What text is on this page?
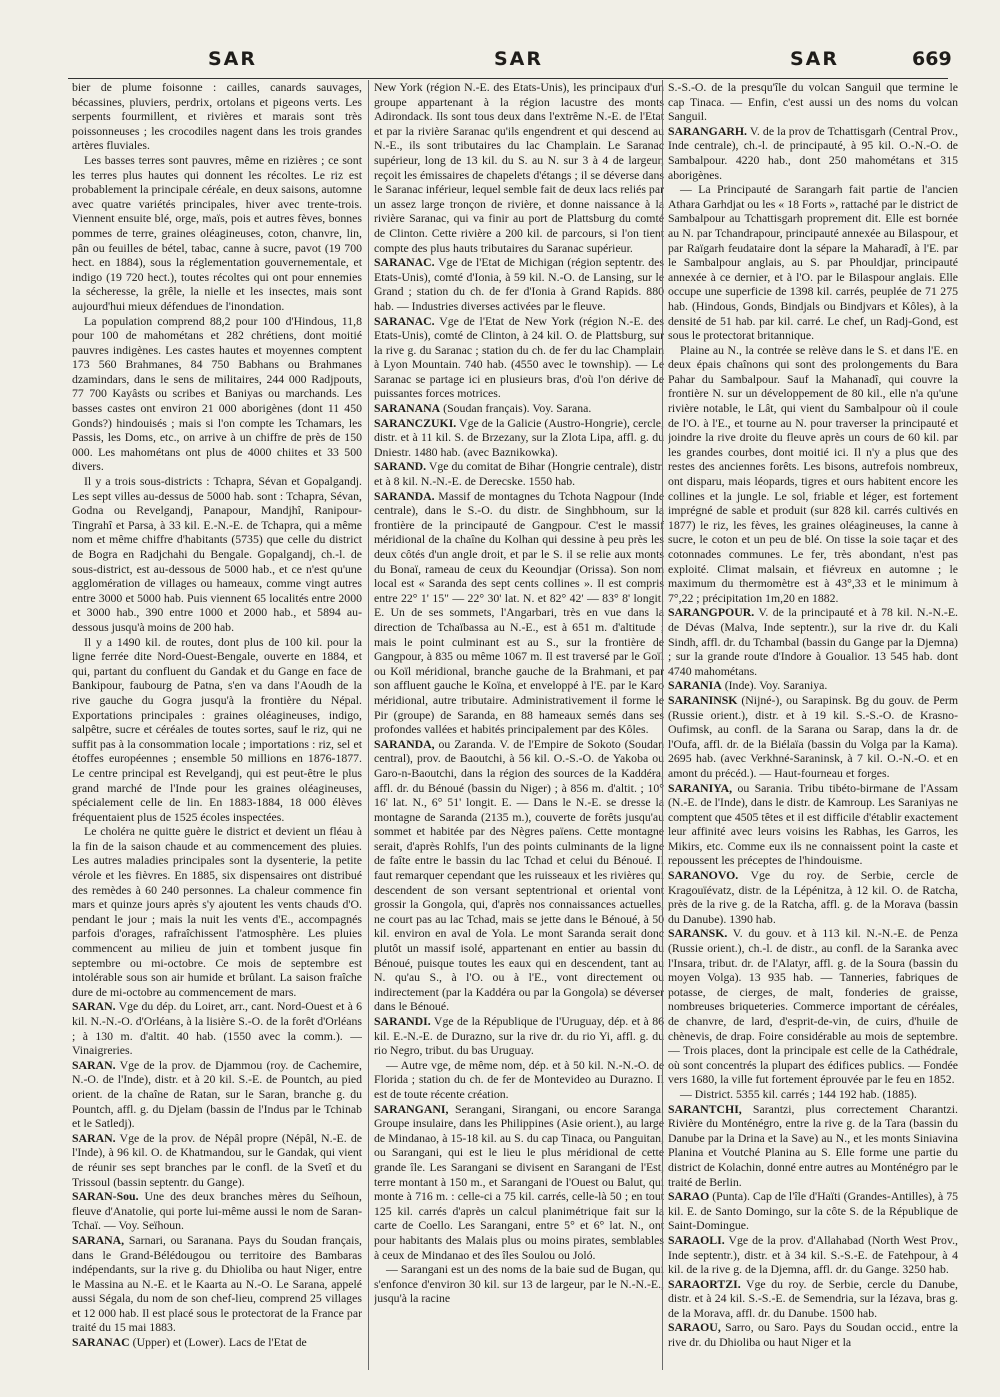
SAR	SAR	SAR	669

bier de plume foisonne : cailles, canards sauvages, bécassines, pluviers, perdrix, ortolans et pigeons verts. Les serpents fourmillent, et rivières et marais sont très poissonneuses ; les crocodiles nagent dans les trois grandes artères fluviales.

Les basses terres sont pauvres, même en rizières ; ce sont les terres plus hautes qui donnent les récoltes. Le riz est probablement la principale céréale, en deux saisons, automne avec quatre variétés principales, hiver avec trente-trois. Viennent ensuite blé, orge, maïs, pois et autres fèves, bonnes pommes de terre, graines oléagineuses, coton, chanvre, lin, pân ou feuilles de bétel, tabac, canne à sucre, pavot (19 700 hect. en 1884), sous la réglementation gouvernementale, et indigo (19 720 hect.), toutes récoltes qui ont pour ennemies la sécheresse, la grêle, la nielle et les insectes, mais sont aujourd'hui mieux défendues de l'inondation.

La population comprend 88,2 pour 100 d'Hindous, 11,8 pour 100 de mahométans et 282 chrétiens, dont moitié pauvres indigènes. Les castes hautes et moyennes comptent 173 560 Brahmanes, 84 750 Babhans ou Brahmanes dzamindars, dans le sens de militaires, 244 000 Radjpouts, 77 700 Kayâsts ou scribes et Baniyas ou marchands. Les basses castes ont environ 21 000 aborigènes (dont 11 450 Gonds?) hindouisés ; mais si l'on compte les Tchamars, les Passis, les Doms, etc., on arrive à un chiffre de près de 150 000. Les mahométans ont plus de 4000 chiites et 33 500 divers.

Il y a trois sous-districts : Tchapra, Sévan et Gopalgandj. Les sept villes au-dessus de 5000 hab. sont : Tchapra, Sévan, Godna ou Revelgandj, Panapour, Mandjhî, Ranipour-Tingrahî et Parsa, à 33 kil. E.-N.-E. de Tchapra, qui a même nom et même chiffre d'habitants (5735) que celle du district de Bogra en Radjchahi du Bengale. Gopalgandj, ch.-l. de sous-district, est au-dessous de 5000 hab., et ce n'est qu'une agglomération de villages ou hameaux, comme vingt autres entre 3000 et 5000 hab. Puis viennent 65 localités entre 2000 et 3000 hab., 390 entre 1000 et 2000 hab., et 5894 au-dessous jusqu'à moins de 200 hab.

Il y a 1490 kil. de routes, dont plus de 100 kil. pour la ligne ferrée dite Nord-Ouest-Bengale, ouverte en 1884, et qui, partant du confluent du Gandak et du Gange en face de Bankipour, faubourg de Patna, s'en va dans l'Aoudh de la rive gauche du Gogra jusqu'à la frontière du Népal. Exportations principales : graines oléagineuses, indigo, salpêtre, sucre et céréales de toutes sortes, sauf le riz, qui ne suffit pas à la consommation locale ; importations : riz, sel et étoffes européennes ; ensemble 50 millions en 1876-1877. Le centre principal est Revelgandj, qui est peut-être le plus grand marché de l'Inde pour les graines oléagineuses, spécialement celle de lin. En 1883-1884, 18 000 élèves fréquentaient plus de 1525 écoles inspectées.

Le choléra ne quitte guère le district et devient un fléau à la fin de la saison chaude et au commencement des pluies. Les autres maladies principales sont la dysenterie, la petite vérole et les fièvres. En 1885, six dispensaires ont distribué des remèdes à 60 240 personnes. La chaleur commence fin mars et quinze jours après s'y ajoutent les vents chauds d'O. pendant le jour ; mais la nuit les vents d'E., accompagnés parfois d'orages, rafraîchissent l'atmosphère. Les pluies commencent au milieu de juin et tombent jusque fin septembre ou mi-octobre. Ce mois de septembre est intolérable sous son air humide et brûlant. La saison fraîche dure de mi-octobre au commencement de mars.

SARAN. Vge du dép. du Loiret, arr., cant. Nord-Ouest et à 6 kil. N.-N.-O. d'Orléans, à la lisière S.-O. de la forêt d'Orléans ; à 130 m. d'altit. 40 hab. (1550 avec la comm.). — Vinaigreries.

SARAN. Vge de la prov. de Djammou (roy. de Cachemire, N.-O. de l'Inde), distr. et à 20 kil. S.-E. de Pountch, au pied orient. de la chaîne de Ratan, sur le Saran, branche g. du Pountch, affl. g. du Djelam (bassin de l'Indus par le Tchinab et le Satledj).

SARAN. Vge de la prov. de Népâl propre (Népâl, N.-E. de l'Inde), à 96 kil. O. de Khatmandou, sur le Gandak, qui vient de réunir ses sept branches par le confl. de la Svetî et du Trissoul (bassin septentr. du Gange).

SARAN-Sou. Une des deux branches mères du Seïhoun, fleuve d'Anatolie, qui porte lui-même aussi le nom de Saran-Tchaï. — Voy. Seïhoun.

SARANA, Sarnari, ou Saranana. Pays du Soudan français, dans le Grand-Bélédougou ou territoire des Bambaras indépendants, sur la rive g. du Dhioliba ou haut Niger, entre le Massina au N.-E. et le Kaarta au N.-O. Le Sarana, appelé aussi Ségala, du nom de son chef-lieu, comprend 25 villages et 12 000 hab. Il est placé sous le protectorat de la France par traité du 15 mai 1883.

SARANAC (Upper) et (Lower). Lacs de l'Etat de

New York (région N.-E. des Etats-Unis), les principaux d'un groupe appartenant à la région lacustre des monts Adirondack. Ils sont tous deux dans l'extrême N.-E. de l'Etat et par la rivière Saranac qu'ils engendrent et qui descend au N.-E., ils sont tributaires du lac Champlain. Le Saranac supérieur, long de 13 kil. du S. au N. sur 3 à 4 de largeur, reçoit les émissaires de chapelets d'étangs ; il se déverse dans le Saranac inférieur, lequel semble fait de deux lacs reliés par un assez large tronçon de rivière, et donne naissance à la rivière Saranac, qui va finir au port de Plattsburg du comté de Clinton. Cette rivière a 200 kil. de parcours, si l'on tient compte des plus hauts tributaires du Saranac supérieur.

SARANAC. Vge de l'Etat de Michigan (région septentr. des Etats-Unis), comté d'Ionia, à 59 kil. N.-O. de Lansing, sur le Grand ; station du ch. de fer d'Ionia à Grand Rapids. 880 hab. — Industries diverses activées par le fleuve.

SARANAC. Vge de l'Etat de New York (région N.-E. des Etats-Unis), comté de Clinton, à 24 kil. O. de Plattsburg, sur la rive g. du Saranac ; station du ch. de fer du lac Champlain à Lyon Mountain. 740 hab. (4550 avec le township). — Le Saranac se partage ici en plusieurs bras, d'où l'on dérive de puissantes forces motrices.

SARANANA (Soudan français). Voy. Sarana.

SARANCZUKI. Vge de la Galicie (Austro-Hongrie), cercle, distr. et à 11 kil. S. de Brzezany, sur la Zlota Lipa, affl. g. du Dniestr. 1480 hab. (avec Baznikowka).

SARAND. Vge du comitat de Bihar (Hongrie centrale), distr. et à 8 kil. N.-N.-E. de Derecske. 1550 hab.

SARANDA. Massif de montagnes du Tchota Nagpour (Inde centrale), dans le S.-O. du distr. de Singhbhoum, sur la frontière de la principauté de Gangpour. C'est le massif méridional de la chaîne du Kolhan qui dessine à peu près les deux côtés d'un angle droit, et par le S. il se relie aux monts du Bonaï, rameau de ceux du Keoundjar (Orissa). Son nom local est « Saranda des sept cents collines ». Il est compris entre 22° 1' 15" — 22° 30' lat. N. et 82° 42' — 83° 8' longit. E. Un de ses sommets, l'Angarbari, très en vue dans la direction de Tchaïbassa au N.-E., est à 651 m. d'altitude ; mais le point culminant est au S., sur la frontière de Gangpour, à 835 ou même 1067 m. Il est traversé par le Goïl ou Koïl méridional, branche gauche de la Brahmani, et par son affluent gauche le Koïna, et enveloppé à l'E. par le Karo méridional, autre tributaire. Administrativement il forme le Pir (groupe) de Saranda, en 88 hameaux semés dans ses profondes vallées et habités principalement par des Kôles.

SARANDA, ou Zaranda. V. de l'Empire de Sokoto (Soudan central), prov. de Baoutchi, à 56 kil. O.-S.-O. de Yakoba ou Garo-n-Baoutchi, dans la région des sources de la Kaddéra, affl. dr. du Bénoué (bassin du Niger) ; à 856 m. d'altit. ; 10° 16' lat. N., 6° 51' longit. E. — Dans le N.-E. se dresse la montagne de Saranda (2135 m.), couverte de forêts jusqu'au sommet et habitée par des Nègres païens. Cette montagne serait, d'après Rohlfs, l'un des points culminants de la ligne de faîte entre le bassin du lac Tchad et celui du Bénoué. Il faut remarquer cependant que les ruisseaux et les rivières qui descendent de son versant septentrional et oriental vont grossir la Gongola, qui, d'après nos connaissances actuelles, ne court pas au lac Tchad, mais se jette dans le Bénoué, à 50 kil. environ en aval de Yola. Le mont Saranda serait donc plutôt un massif isolé, appartenant en entier au bassin du Bénoué, puisque toutes les eaux qui en descendent, tant au N. qu'au S., à l'O. ou à l'E., vont directement ou indirectement (par la Kaddéra ou par la Gongola) se déverser dans le Bénoué.

SARANDI. Vge de la République de l'Uruguay, dép. et à 86 kil. E.-N.-E. de Durazno, sur la rive dr. du rio Yi, affl. g. du rio Negro, tribut. du bas Uruguay.

— Autre vge, de même nom, dép. et à 50 kil. N.-N.-O. de Florida ; station du ch. de fer de Montevideo au Durazno. Il est de toute récente création.

SARANGANI, Serangani, Sirangani, ou encore Saranga. Groupe insulaire, dans les Philippines (Asie orient.), au large de Mindanao, à 15-18 kil. au S. du cap Tinaca, ou Panguitan, ou Sarangani, qui est le lieu le plus méridional de cette grande île. Les Sarangani se divisent en Sarangani de l'Est, terre montant à 150 m., et Sarangani de l'Ouest ou Balut, qui monte à 716 m. : celle-ci a 75 kil. carrés, celle-là 50 ; en tout 125 kil. carrés d'après un calcul planimétrique fait sur la carte de Coello. Les Sarangani, entre 5° et 6° lat. N., ont pour habitants des Malais plus ou moins pirates, semblables à ceux de Mindanao et des îles Soulou ou Joló.

— Sarangani est un des noms de la baie sud de Bugan, qui s'enfonce d'environ 30 kil. sur 13 de largeur, par le N.-N.-E., jusqu'à la racine

S.-S.-O. de la presqu'île du volcan Sanguil que termine le cap Tinaca. — Enfin, c'est aussi un des noms du volcan Sanguil.

SARANGARH. V. de la prov de Tchattisgarh (Central Prov., Inde centrale), ch.-l. de principauté, à 95 kil. O.-N.-O. de Sambalpour. 4220 hab., dont 250 mahométans et 315 aborigènes.

— La Principauté de Sarangarh fait partie de l'ancien Athara Garhdjat ou les « 18 Forts », rattaché par le district de Sambalpour au Tchattisgarh proprement dit. Elle est bornée au N. par Tchandrapour, principauté annexée au Bilaspour, et par Raïgarh feudataire dont la sépare la Maharadî, à l'E. par le Sambalpour anglais, au S. par Phouldjar, principauté annexée à ce dernier, et à l'O. par le Bilaspour anglais. Elle occupe une superficie de 1398 kil. carrés, peuplée de 71 275 hab. (Hindous, Gonds, Bindjals ou Bindjvars et Kôles), à la densité de 51 hab. par kil. carré. Le chef, un Radj-Gond, est sous le protectorat britannique.

Plaine au N., la contrée se relève dans le S. et dans l'E. en deux épais chaînons qui sont des prolongements du Bara Pahar du Sambalpour. Sauf la Mahanadî, qui couvre la frontière N. sur un développement de 80 kil., elle n'a qu'une rivière notable, le Lât, qui vient du Sambalpour où il coule de l'O. à l'E., et tourne au N. pour traverser la principauté et joindre la rive droite du fleuve après un cours de 60 kil. par les grandes courbes, dont moitié ici. Il n'y a plus que des restes des anciennes forêts. Les bisons, autrefois nombreux, ont disparu, mais léopards, tigres et ours habitent encore les collines et la jungle. Le sol, friable et léger, est fortement imprégné de sable et produit (sur 828 kil. carrés cultivés en 1877) le riz, les fèves, les graines oléagineuses, la canne à sucre, le coton et un peu de blé. On tisse la soie taçar et des cotonnades communes. Le fer, très abondant, n'est pas exploité. Climat malsain, et fiévreux en automne ; le maximum du thermomètre est à 43°,33 et le minimum à 7°,22 ; précipitation 1m,20 en 1882.

SARANGPOUR. V. de la principauté et à 78 kil. N.-N.-E. de Dévas (Malva, Inde septentr.), sur la rive dr. du Kali Sindh, affl. dr. du Tchambal (bassin du Gange par la Djemna) ; sur la grande route d'Indore à Goualior. 13 545 hab. dont 4740 mahométans.

SARANIA (Inde). Voy. Saraniya.

SARANINSK (Nijné-), ou Sarapinsk. Bg du gouv. de Perm (Russie orient.), distr. et à 19 kil. S.-S.-O. de Krasno-Oufimsk, au confl. de la Sarana ou Sarap, dans la dr. de l'Oufa, affl. dr. de la Biélaïa (bassin du Volga par la Kama). 2695 hab. (avec Verkhné-Saraninsk, à 7 kil. O.-N.-O. et en amont du précéd.). — Haut-fourneau et forges.

SARANIYA, ou Sarania. Tribu tibéto-birmane de l'Assam (N.-E. de l'Inde), dans le distr. de Kamroup. Les Saraniyas ne comptent que 4505 têtes et il est difficile d'établir exactement leur affinité avec leurs voisins les Rabhas, les Garros, les Mikirs, etc. Comme eux ils ne connaissent point la caste et repoussent les préceptes de l'hindouisme.

SARANOVO. Vge du roy. de Serbie, cercle de Kragouïévatz, distr. de la Lépénitza, à 12 kil. O. de Ratcha, près de la rive g. de la Ratcha, affl. g. de la Morava (bassin du Danube). 1390 hab.

SARANSK. V. du gouv. et à 113 kil. N.-N.-E. de Penza (Russie orient.), ch.-l. de distr., au confl. de la Saranka avec l'Insara, tribut. dr. de l'Alatyr, affl. g. de la Soura (bassin du moyen Volga). 13 935 hab. — Tanneries, fabriques de potasse, de cierges, de malt, fonderies de graisse, nombreuses briqueteries. Commerce important de céréales, de chanvre, de lard, d'esprit-de-vin, de cuirs, d'huile de chènevis, de drap. Foire considérable au mois de septembre. — Trois places, dont la principale est celle de la Cathédrale, où sont concentrés la plupart des édifices publics. — Fondée vers 1680, la ville fut fortement éprouvée par le feu en 1852.

— District. 5355 kil. carrés ; 144 192 hab. (1885).

SARANTCHI, Sarantzi, plus correctement Charantzi. Rivière du Monténégro, entre la rive g. de la Tara (bassin du Danube par la Drina et la Save) au N., et les monts Siniavina Planina et Voutché Planina au S. Elle forme une partie du district de Kolachin, donné entre autres au Monténégro par le traité de Berlin.

SARAO (Punta). Cap de l'île d'Haïti (Grandes-Antilles), à 75 kil. E. de Santo Domingo, sur la côte S. de la République de Saint-Domingue.

SARAOLI. Vge de la prov. d'Allahabad (North West Prov., Inde septentr.), distr. et à 34 kil. S.-S.-E. de Fatehpour, à 4 kil. de la rive g. de la Djemna, affl. dr. du Gange. 3250 hab.

SARAORTZI. Vge du roy. de Serbie, cercle du Danube, distr. et à 24 kil. S.-S.-E. de Semendria, sur la Iézava, bras g. de la Morava, affl. dr. du Danube. 1500 hab.

SARAOU, Sarro, ou Saro. Pays du Soudan occid., entre la rive dr. du Dhioliba ou haut Niger et la
